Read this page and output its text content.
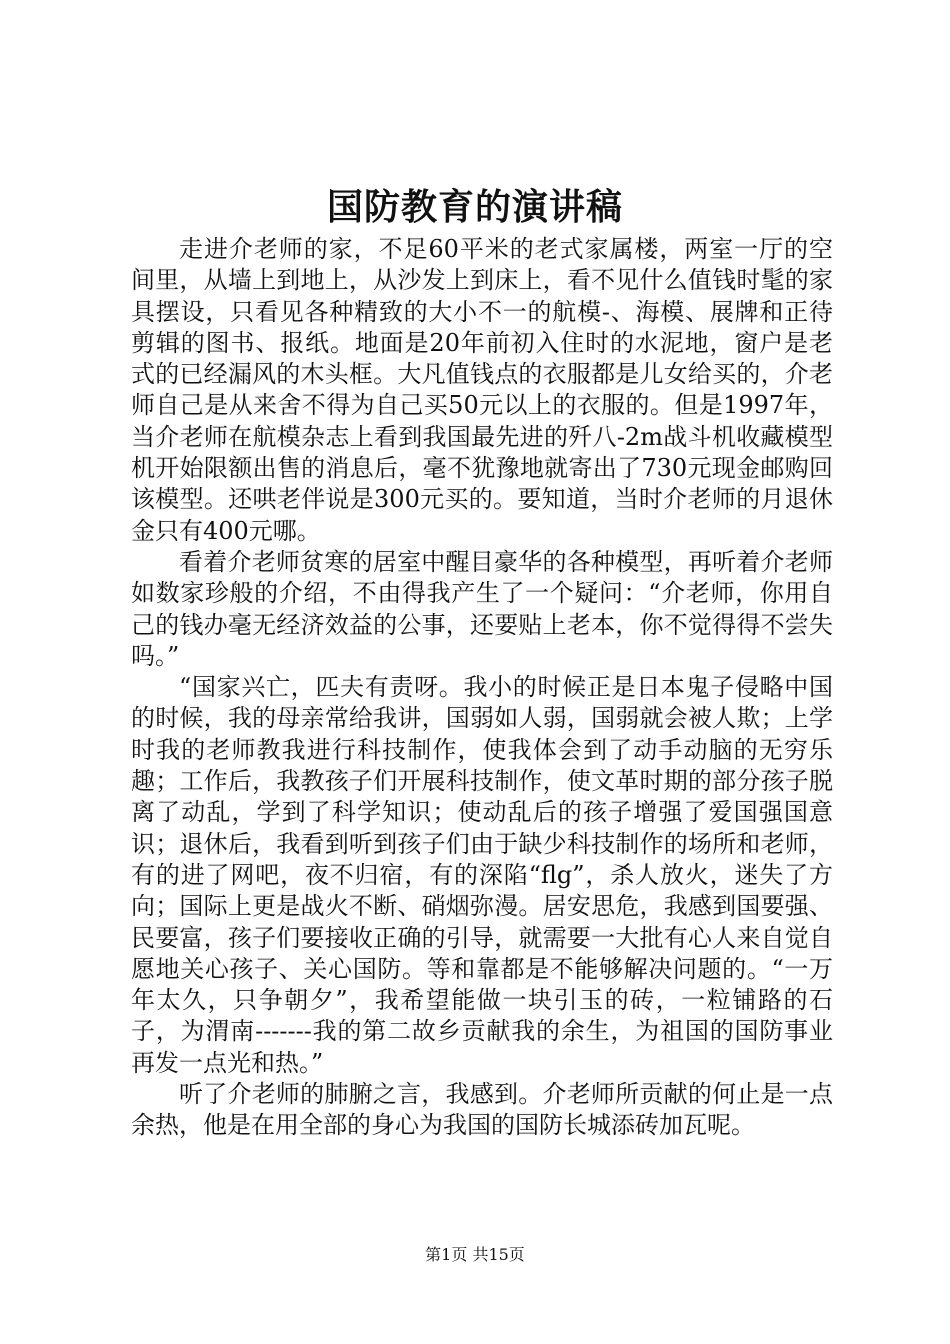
国防教育的演讲稿

走进介老师的家，不足60平米的老式家属楼，两室一厅的空间里，从墙上到地上，从沙发上到床上，看不见什么值钱时髦的家具摆设，只看见各种精致的大小不一的航模-、海模、展牌和正待剪辑的图书、报纸。地面是20年前初入住时的水泥地，窗户是老式的已经漏风的木头框。大凡值钱点的衣服都是儿女给买的，介老师自己是从来舍不得为自己买50元以上的衣服的。但是1997年，当介老师在航模杂志上看到我国最先进的歼八-2m战斗机收藏模型机开始限额出售的消息后，毫不犹豫地就寄出了730元现金邮购回该模型。还哄老伴说是300元买的。要知道，当时介老师的月退休金只有400元哪。

看着介老师贫寒的居室中醒目豪华的各种模型，再听着介老师如数家珍般的介绍，不由得我产生了一个疑问：“介老师，你用自己的钱办毫无经济效益的公事，还要贴上老本，你不觉得得不尝失吗。”

“国家兴亡，匹夫有责呀。我小的时候正是日本鬼子侵略中国的时候，我的母亲常给我讲，国弱如人弱，国弱就会被人欺；上学时我的老师教我进行科技制作，使我体会到了动手动脑的无穷乐趣；工作后，我教孩子们开展科技制作，使文革时期的部分孩子脱离了动乱，学到了科学知识；使动乱后的孩子增强了爱国强国意识；退休后，我看到听到孩子们由于缺少科技制作的场所和老师，有的进了网吧，夜不归宿，有的深陷“flg”，杀人放火，迷失了方向；国际上更是战火不断、硝烟弥漫。居安思危，我感到国要强、民要富，孩子们要接收正确的引导，就需要一大批有心人来自觉自愿地关心孩子、关心国防。等和靠都是不能够解决问题的。“一万年太久，只争朝夕”，我希望能做一块引玉的砖，一粒铺路的石子，为渭南-------我的第二故乡贡献我的余生，为祖国的国防事业再发一点光和热。”

听了介老师的肺腑之言，我感到。介老师所贡献的何止是一点余热，他是在用全部的身心为我国的国防长城添砖加瓦呢。

第1页 共15页
